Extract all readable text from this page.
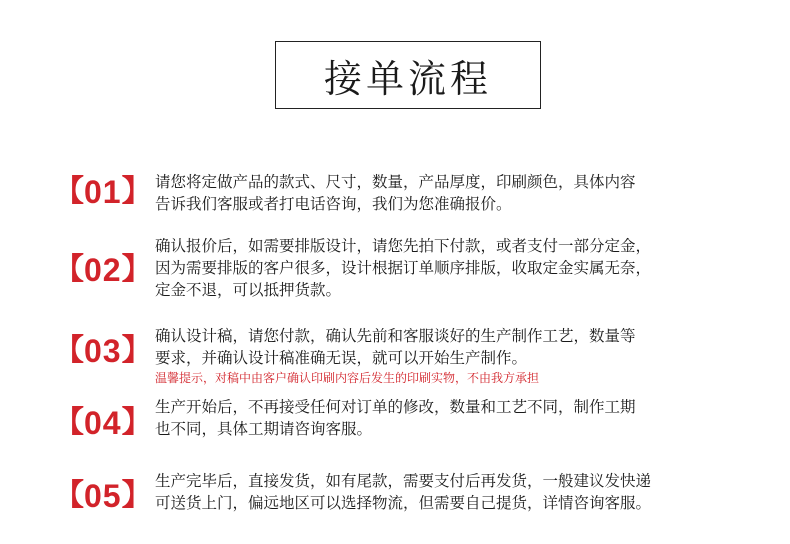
接单流程
【 01 】 请您将定做产品的款式、尺寸，数量，产品厚度，印刷颜色，具体内容
告诉我们客服或者打电话咨询，我们为您准确报价。
【 02 】
确认报价后，如需要排版设计，请您先拍下付款，或者支付一部分定金，
因为需要排版的客户很多，设计根据订单顺序排版，收取定金实属无奈，
定金不退，可以抵押货款。
【 03 】 确认设计稿，请您付款，确认先前和客服谈好的生产制作工艺，数量等
要求，并确认设计稿准确无误，就可以开始生产制作。
温馨提示，对稿中由客户确认印刷内容后发生的印刷实物，不由我方承担
【 04 】 生产开始后，不再接受任何对订单的修改，数量和工艺不同，制作工期
也不同，具体工期请咨询客服。
【 05 】 生产完毕后，直接发货，如有尾款，需要支付后再发货，一般建议发快递
可送货上门，偏远地区可以选择物流，但需要自己提货，详情咨询客服。
